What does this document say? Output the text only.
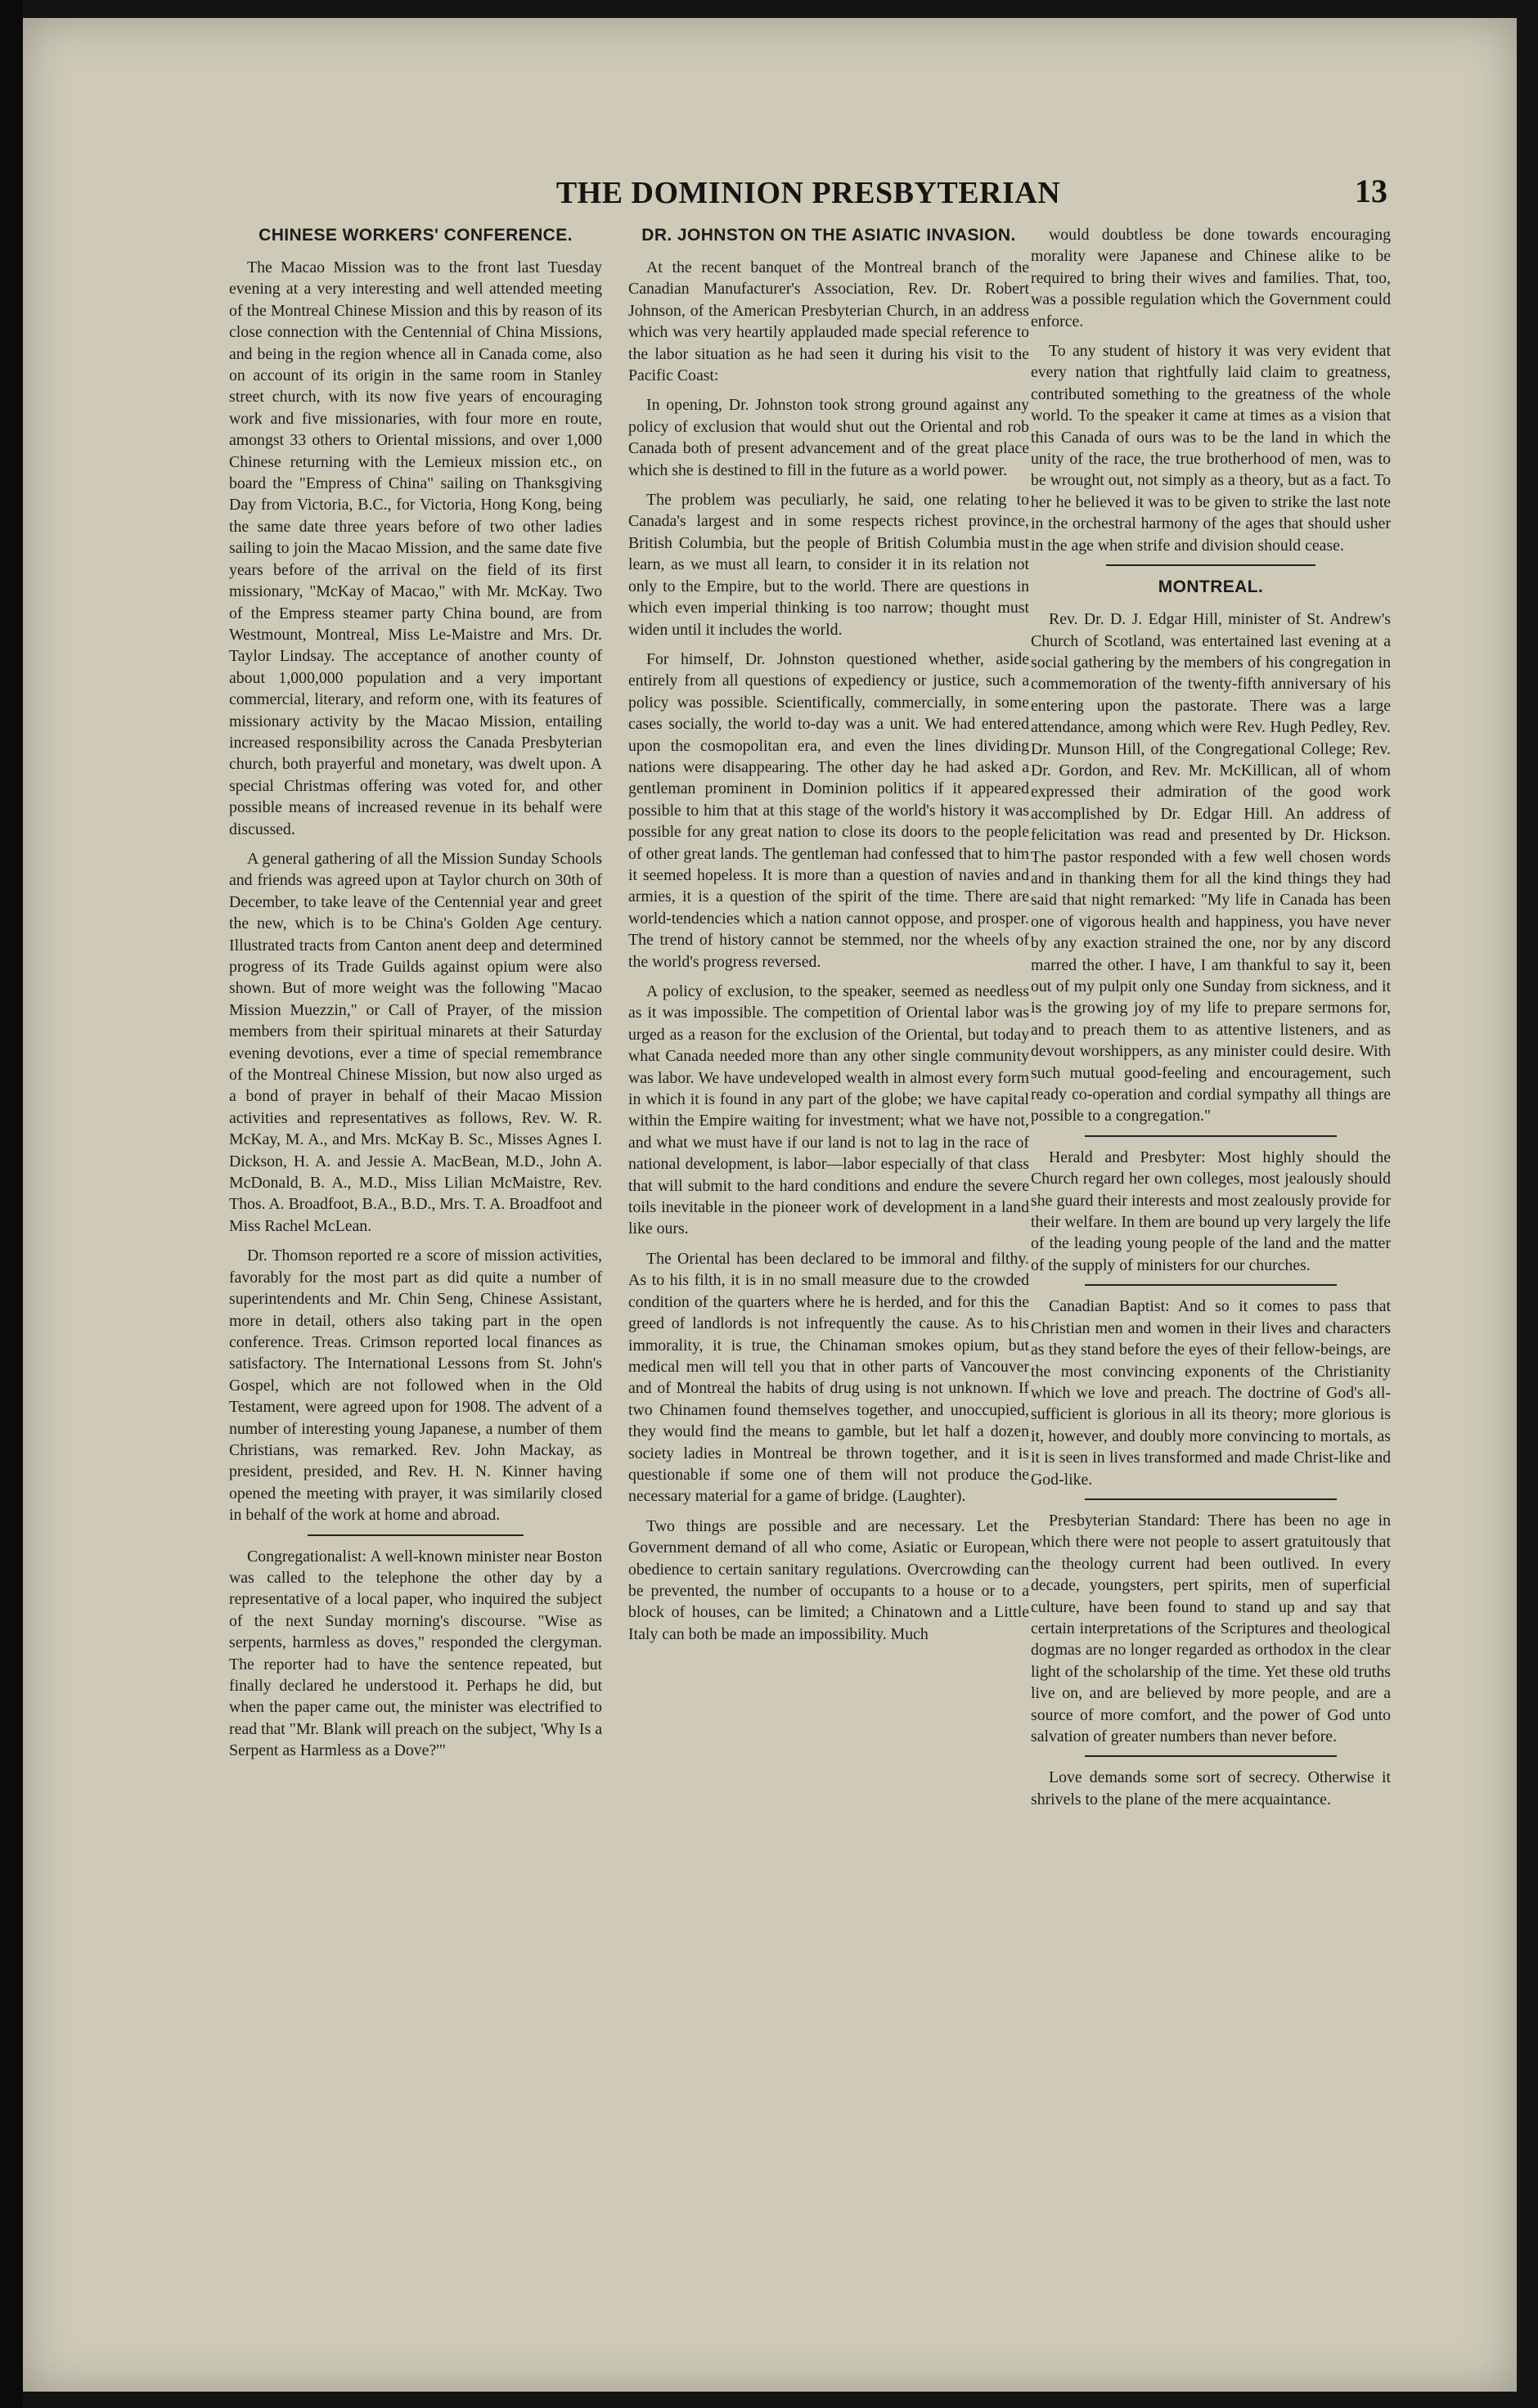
THE DOMINION PRESBYTERIAN	13
CHINESE WORKERS' CONFERENCE.

The Macao Mission was to the front last Tuesday evening at a very interesting and well attended meeting of the Montreal Chinese Mission and this by reason of its close connection with the Centennial of China Missions, and being in the region whence all in Canada come, also on account of its origin in the same room in Stanley street church, with its now five years of encouraging work and five missionaries, with four more en route, amongst 33 others to Oriental missions, and over 1,000 Chinese returning with the Lemieux mission etc., on board the "Empress of China" sailing on Thanksgiving Day from Victoria, B.C., for Victoria, Hong Kong, being the same date three years before of two other ladies sailing to join the Macao Mission, and the same date five years before of the arrival on the field of its first missionary, "McKay of Macao," with Mr. McKay. Two of the Empress steamer party China bound, are from Westmount, Montreal, Miss Le-Maistre and Mrs. Dr. Taylor Lindsay. The acceptance of another county of about 1,000,000 population and a very important commercial, literary, and reform one, with its features of missionary activity by the Macao Mission, entailing increased responsibility across the Canada Presbyterian church, both prayerful and monetary, was dwelt upon. A special Christmas offering was voted for, and other possible means of increased revenue in its behalf were discussed.

A general gathering of all the Mission Sunday Schools and friends was agreed upon at Taylor church on 30th of December, to take leave of the Centennial year and greet the new, which is to be China's Golden Age century. Illustrated tracts from Canton anent deep and determined progress of its Trade Guilds against opium were also shown. But of more weight was the following "Macao Mission Muezzin," or Call of Prayer, of the mission members from their spiritual minarets at their Saturday evening devotions, ever a time of special remembrance of the Montreal Chinese Mission, but now also urged as a bond of prayer in behalf of their Macao Mission activities and representatives as follows, Rev. W. R. McKay, M. A., and Mrs. McKay B. Sc., Misses Agnes I. Dickson, H. A. and Jessie A. MacBean, M.D., John A. McDonald, B. A., M.D., Miss Lilian McMaistre, Rev. Thos. A. Broadfoot, B.A., B.D., Mrs. T. A. Broadfoot and Miss Rachel McLean.

Dr. Thomson reported re a score of mission activities, favorably for the most part as did quite a number of superintendents and Mr. Chin Seng, Chinese Assistant, more in detail, others also taking part in the open conference. Treas. Crimson reported local finances as satisfactory. The International Lessons from St. John's Gospel, which are not followed when in the Old Testament, were agreed upon for 1908. The advent of a number of interesting young Japanese, a number of them Christians, was remarked. Rev. John Mackay, as president, presided, and Rev. H. N. Kinner having opened the meeting with prayer, it was similarily closed in behalf of the work at home and abroad.

Congregationalist: A well-known minister near Boston was called to the telephone the other day by a representative of a local paper, who inquired the subject of the next Sunday morning's discourse. "Wise as serpents, harmless as doves," responded the clergyman. The reporter had to have the sentence repeated, but finally declared he understood it. Perhaps he did, but when the paper came out, the minister was electrified to read that "Mr. Blank will preach on the subject, 'Why Is a Serpent as Harmless as a Dove?'"

DR. JOHNSTON ON THE ASIATIC INVASION.

At the recent banquet of the Montreal branch of the Canadian Manufacturer's Association, Rev. Dr. Robert Johnson, of the American Presbyterian Church, in an address which was very heartily applauded made special reference to the labor situation as he had seen it during his visit to the Pacific Coast:

In opening, Dr. Johnston took strong ground against any policy of exclusion that would shut out the Oriental and rob Canada both of present advancement and of the great place which she is destined to fill in the future as a world power.

The problem was peculiarly, he said, one relating to Canada's largest and in some respects richest province, British Columbia, but the people of British Columbia must learn, as we must all learn, to consider it in its relation not only to the Empire, but to the world. There are questions in which even imperial thinking is too narrow; thought must widen until it includes the world.

For himself, Dr. Johnston questioned whether, aside entirely from all questions of expediency or justice, such a policy was possible. Scientifically, commercially, in some cases socially, the world to-day was a unit. We had entered upon the cosmopolitan era, and even the lines dividing nations were disappearing. The other day he had asked a gentleman prominent in Dominion politics if it appeared possible to him that at this stage of the world's history it was possible for any great nation to close its doors to the people of other great lands. The gentleman had confessed that to him it seemed hopeless. It is more than a question of navies and armies, it is a question of the spirit of the time. There are world-tendencies which a nation cannot oppose, and prosper. The trend of history cannot be stemmed, nor the wheels of the world's progress reversed.

A policy of exclusion, to the speaker, seemed as needless as it was impossible. The competition of Oriental labor was urged as a reason for the exclusion of the Oriental, but today what Canada needed more than any other single community was labor. We have undeveloped wealth in almost every form in which it is found in any part of the globe; we have capital within the Empire waiting for investment; what we have not, and what we must have if our land is not to lag in the race of national development, is labor—labor especially of that class that will submit to the hard conditions and endure the severe toils inevitable in the pioneer work of development in a land like ours.

The Oriental has been declared to be immoral and filthy. As to his filth, it is in no small measure due to the crowded condition of the quarters where he is herded, and for this the greed of landlords is not infrequently the cause. As to his immorality, it is true, the Chinaman smokes opium, but medical men will tell you that in other parts of Vancouver and of Montreal the habits of drug using is not unknown. If two Chinamen found themselves together, and unoccupied, they would find the means to gamble, but let half a dozen society ladies in Montreal be thrown together, and it is questionable if some one of them will not produce the necessary material for a game of bridge. (Laughter).

Two things are possible and are necessary. Let the Government demand of all who come, Asiatic or European, obedience to certain sanitary regulations. Overcrowding can be prevented, the number of occupants to a house or to a block of houses, can be limited; a Chinatown and a Little Italy can both be made an impossibility. Much

would doubtless be done towards encouraging morality were Japanese and Chinese alike to be required to bring their wives and families. That, too, was a possible regulation which the Government could enforce.

To any student of history it was very evident that every nation that rightfully laid claim to greatness, contributed something to the greatness of the whole world. To the speaker it came at times as a vision that this Canada of ours was to be the land in which the unity of the race, the true brotherhood of men, was to be wrought out, not simply as a theory, but as a fact. To her he believed it was to be given to strike the last note in the orchestral harmony of the ages that should usher in the age when strife and division should cease.

MONTREAL.

Rev. Dr. D. J. Edgar Hill, minister of St. Andrew's Church of Scotland, was entertained last evening at a social gathering by the members of his congregation in commemoration of the twenty-fifth anniversary of his entering upon the pastorate. There was a large attendance, among which were Rev. Hugh Pedley, Rev. Dr. Munson Hill, of the Congregational College; Rev. Dr. Gordon, and Rev. Mr. McKillican, all of whom expressed their admiration of the good work accomplished by Dr. Edgar Hill. An address of felicitation was read and presented by Dr. Hickson. The pastor responded with a few well chosen words and in thanking them for all the kind things they had said that night remarked: "My life in Canada has been one of vigorous health and happiness, you have never by any exaction strained the one, nor by any discord marred the other. I have, I am thankful to say it, been out of my pulpit only one Sunday from sickness, and it is the growing joy of my life to prepare sermons for, and to preach them to as attentive listeners, and as devout worshippers, as any minister could desire. With such mutual good-feeling and encouragement, such ready co-operation and cordial sympathy all things are possible to a congregation."

Herald and Presbyter: Most highly should the Church regard her own colleges, most jealously should she guard their interests and most zealously provide for their welfare. In them are bound up very largely the life of the leading young people of the land and the matter of the supply of ministers for our churches.

Canadian Baptist: And so it comes to pass that Christian men and women in their lives and characters as they stand before the eyes of their fellow-beings, are the most convincing exponents of the Christianity which we love and preach. The doctrine of God's all-sufficient is glorious in all its theory; more glorious is it, however, and doubly more convincing to mortals, as it is seen in lives transformed and made Christ-like and God-like.

Presbyterian Standard: There has been no age in which there were not people to assert gratuitously that the theology current had been outlived. In every decade, youngsters, pert spirits, men of superficial culture, have been found to stand up and say that certain interpretations of the Scriptures and theological dogmas are no longer regarded as orthodox in the clear light of the scholarship of the time. Yet these old truths live on, and are believed by more people, and are a source of more comfort, and the power of God unto salvation of greater numbers than never before.

Love demands some sort of secrecy. Otherwise it shrivels to the plane of the mere acquaintance.
